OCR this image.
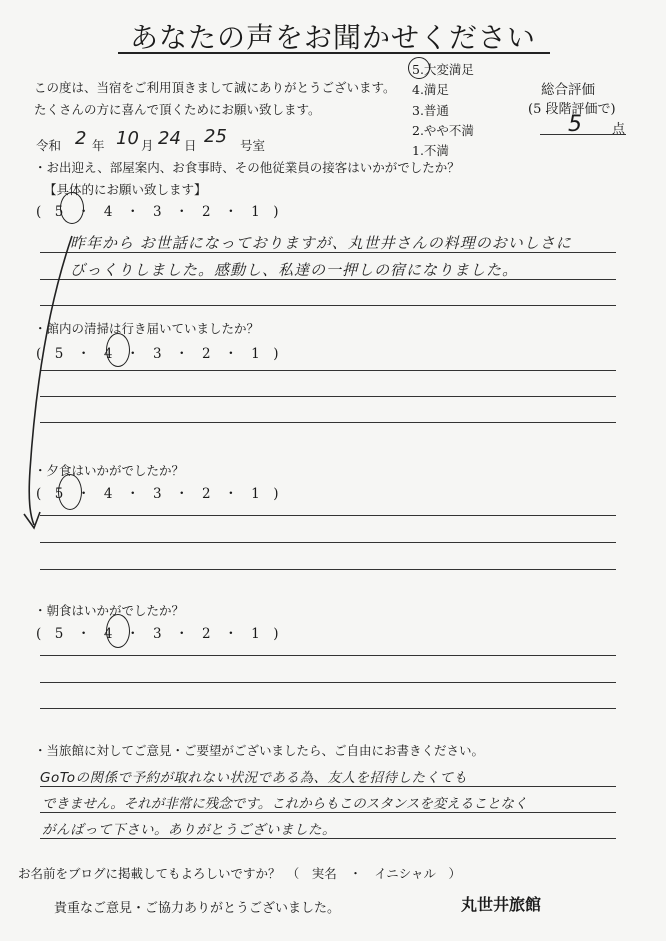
あなたの声をお聞かせください
この度は、当宿をご利用頂きまして誠にありがとうございます。
たくさんの方に喜んで頂くためにお願い致します。
5.大変満足
4.満足
3.普通
2.やや不満
1.不満
総合評価
(5 段階評価で)
5 点
令和 2 年 10 月 24 日 25 号室
・お出迎え、部屋案内、お食事時、その他従業員の接客はいかがでしたか？
【具体的にお願い致します】
(　5　・　4　・　3　・　2　・　1　)
昨年から お世話になっておりますが、丸世井さんの料理のおいしさに
びっくりしました。感動し、私達の一押しの宿になりました。
・館内の清掃は行き届いていましたか？
(　5　・　4　・　3　・　2　・　1　)
・夕食はいかがでしたか？
(　5　・　4　・　3　・　2　・　1　)
・朝食はいかがでしたか？
(　5　・　4　・　3　・　2　・　1　)
・当旅館に対してご意見・ご要望がございましたら、ご自由にお書きください。
GoToの関係で予約が取れない状況である為、友人を招待したくても
できません。それが非常に残念です。これからもこのスタンスを変えることなく
がんばって下さい。ありがとうございました。
お名前をブログに掲載してもよろしいですか？　（　実名　・　イニシャル　）
貴重なご意見・ご協力ありがとうございました。	丸世井旅館
